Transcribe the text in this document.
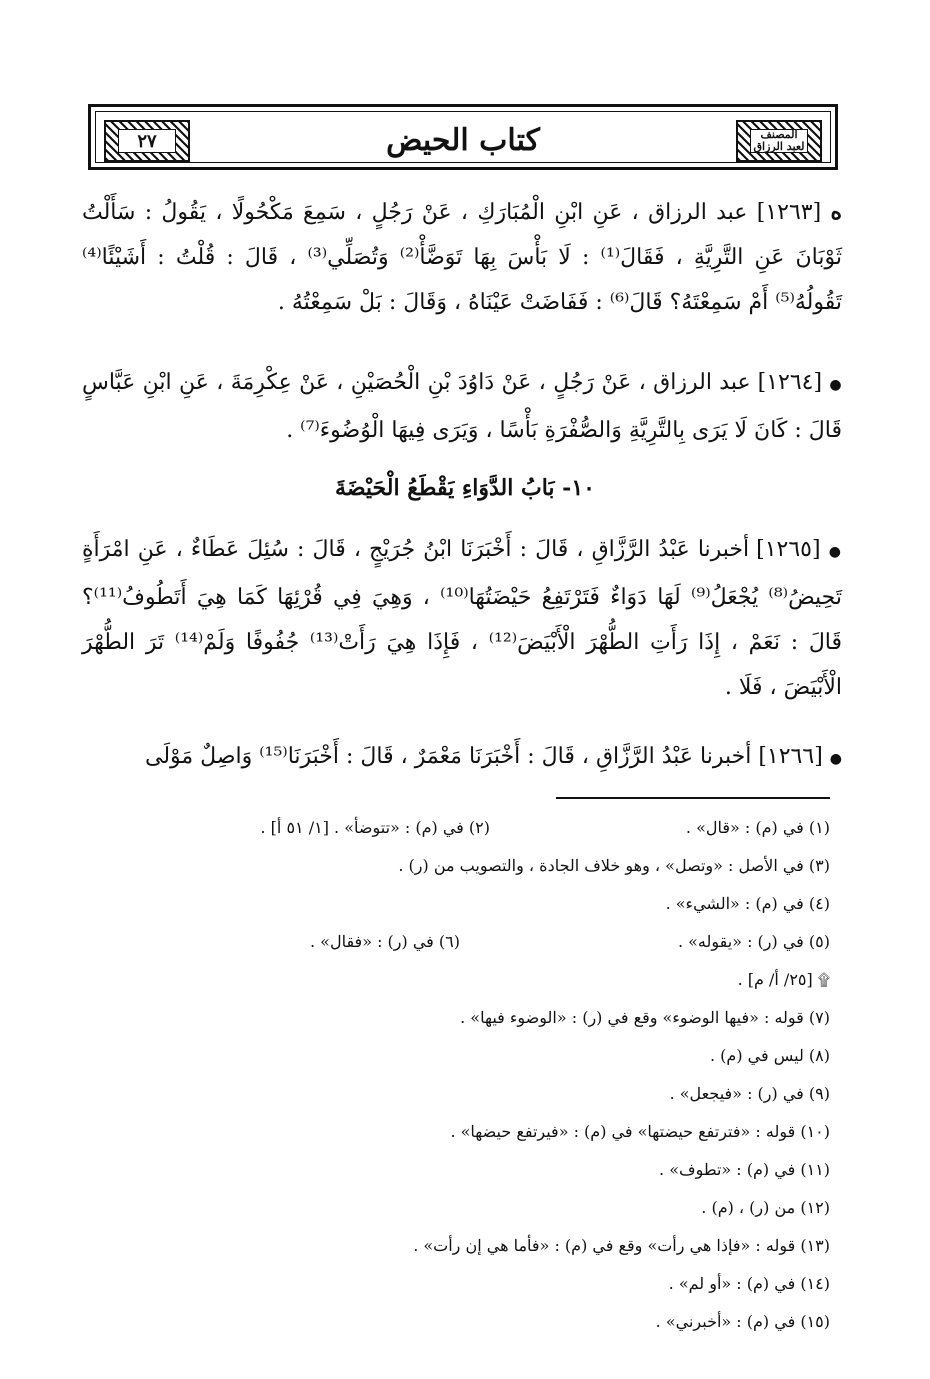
٢٧	كتاب الحيض	المصنف لعبد الرزاق
ه [١٢٦٣] عبد الرزاق ، عَنِ ابْنِ الْمُبَارَكِ ، عَنْ رَجُلٍ ، سَمِعَ مَكْحُولًا ، يَقُولُ : سَأَلْتُ ثَوْبَانَ عَنِ التَّرِيَّةِ ، فَقَالَ⁽¹⁾ : لَا بَأْسَ بِهَا تَوَضَّأْ⁽²⁾ وَتُصَلِّي⁽³⁾ ، قَالَ : قُلْتُ : أَشَيْئًا⁽⁴⁾ تَقُولُهُ⁽⁵⁾ أَمْ سَمِعْتَهُ؟ قَالَ⁽⁶⁾ : فَفَاضَتْ عَيْنَاهُ ، وَقَالَ : بَلْ سَمِعْتُهُ .
● [١٢٦٤] عبد الرزاق ، عَنْ رَجُلٍ ، عَنْ دَاوُدَ بْنِ الْحُصَيْنِ ، عَنْ عِكْرِمَةَ ، عَنِ ابْنِ عَبَّاسٍ قَالَ : كَانَ لَا يَرَى بِالتَّرِيَّةِ وَالصُّفْرَةِ بَأْسًا ، وَيَرَى فِيهَا الْوُضُوءَ⁽⁷⁾ .
١٠- بَابُ الدَّوَاءِ يَقْطَعُ الْحَيْضَةَ
● [١٢٦٥] أخبرنا عَبْدُ الرَّزَّاقِ ، قَالَ : أَخْبَرَنَا ابْنُ جُرَيْجٍ ، قَالَ : سُئِلَ عَطَاءٌ ، عَنِ امْرَأَةٍ تَحِيضُ⁽⁸⁾ يُجْعَلُ⁽⁹⁾ لَهَا دَوَاءٌ فَتَرْتَفِعُ حَيْضَتُهَا⁽¹⁰⁾ ، وَهِيَ فِي قُرْئِهَا كَمَا هِيَ أَتَطُوفُ⁽¹¹⁾؟ قَالَ : نَعَمْ ، إِذَا رَأَتِ الطُّهْرَ الْأَبْيَضَ⁽¹²⁾ ، فَإِذَا هِيَ رَأَتْ⁽¹³⁾ جُفُوفًا وَلَمْ⁽¹⁴⁾ تَرَ الطُّهْرَ الْأَبْيَضَ ، فَلَا .
● [١٢٦٦] أخبرنا عَبْدُ الرَّزَّاقِ ، قَالَ : أَخْبَرَنَا مَعْمَرٌ ، قَالَ : أَخْبَرَنَا⁽¹⁵⁾ وَاصِلٌ مَوْلَى
(١) في (م) : «قال» .
(٢) في (م) : «تتوضأ» . [١/ ٥١ أ] .
(٣) في الأصل : «وتصل» ، وهو خلاف الجادة ، والتصويب من (ر) .
(٤) في (م) : «الشيء» .
(٥) في (ر) : «يقوله» .
(٦) في (ر) : «فقال» .
۩ [٢٥/ أ/ م] .
(٧) قوله : «فيها الوضوء» وقع في (ر) : «الوضوء فيها» .
(٨) ليس في (م) .
(٩) في (ر) : «فيجعل» .
(١٠) قوله : «فترتفع حيضتها» في (م) : «فيرتفع حيضها» .
(١١) في (م) : «تطوف» .
(١٢) من (ر) ، (م) .
(١٣) قوله : «فإذا هي رأت» وقع في (م) : «فأما هي إن رأت» .
(١٤) في (م) : «أو لم» .
(١٥) في (م) : «أخبرني» .
